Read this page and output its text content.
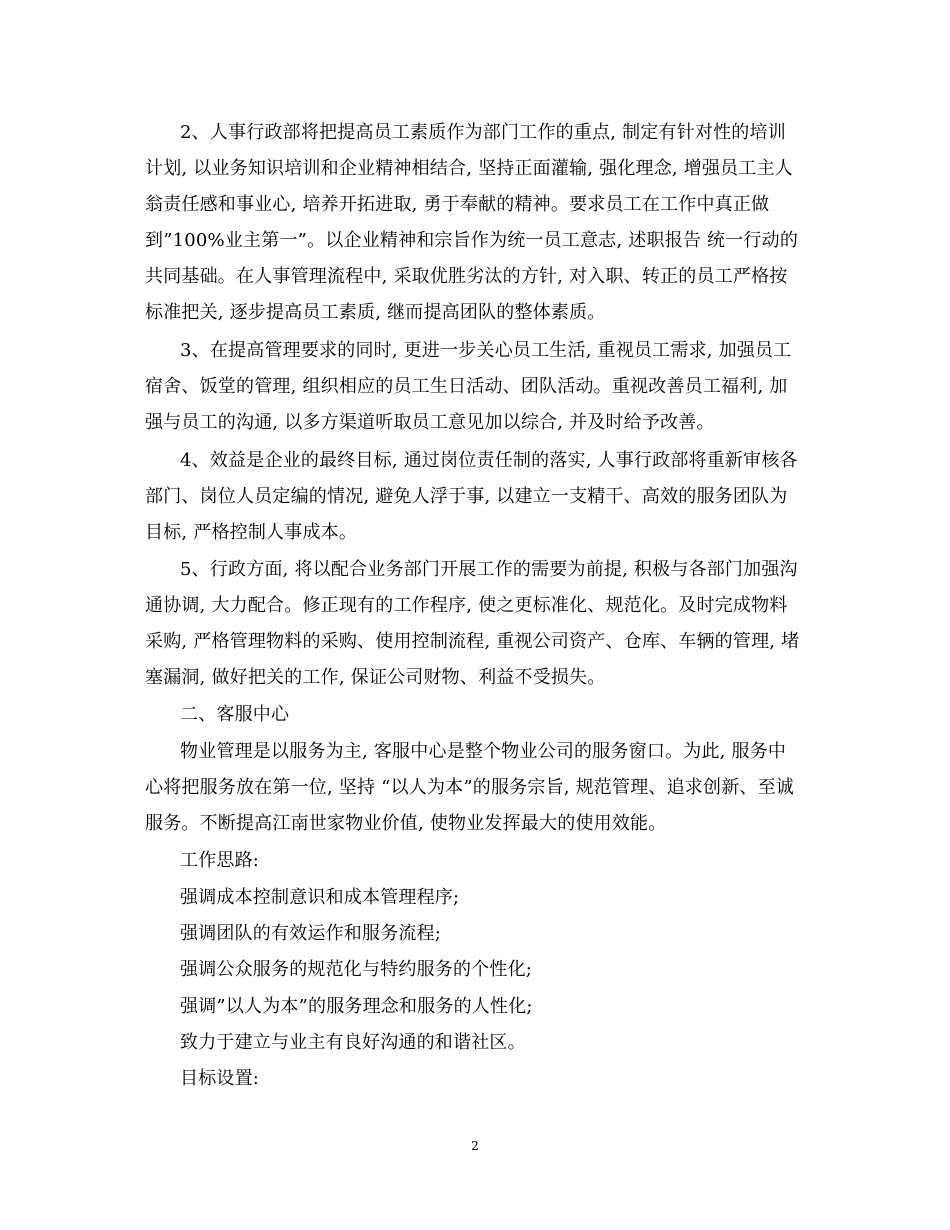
2、人事行政部将把提高员工素质作为部门工作的重点, 制定有针对性的培训
计划, 以业务知识培训和企业精神相结合, 坚持正面灌输, 强化理念, 增强员工主人
翁责任感和事业心, 培养开拓进取, 勇于奉献的精神。要求员工在工作中真正做
到”100%业主第一”。以企业精神和宗旨作为统一员工意志, 述职报告 统一行动的
共同基础。在人事管理流程中, 采取优胜劣汰的方针, 对入职、转正的员工严格按
标准把关, 逐步提高员工素质, 继而提高团队的整体素质。
3、在提高管理要求的同时, 更进一步关心员工生活, 重视员工需求, 加强员工
宿舍、饭堂的管理, 组织相应的员工生日活动、团队活动。重视改善员工福利, 加
强与员工的沟通, 以多方渠道听取员工意见加以综合, 并及时给予改善。
4、效益是企业的最终目标, 通过岗位责任制的落实, 人事行政部将重新审核各
部门、岗位人员定编的情况, 避免人浮于事, 以建立一支精干、高效的服务团队为
目标, 严格控制人事成本。
5、行政方面, 将以配合业务部门开展工作的需要为前提, 积极与各部门加强沟
通协调, 大力配合。修正现有的工作程序, 使之更标准化、规范化。及时完成物料
采购, 严格管理物料的采购、使用控制流程, 重视公司资产、仓库、车辆的管理, 堵
塞漏洞, 做好把关的工作, 保证公司财物、利益不受损失。
二、客服中心
物业管理是以服务为主, 客服中心是整个物业公司的服务窗口。为此, 服务中
心将把服务放在第一位, 坚持 “以人为本”的服务宗旨, 规范管理、追求创新、至诚
服务。不断提高江南世家物业价值, 使物业发挥最大的使用效能。
工作思路:
强调成本控制意识和成本管理程序;
强调团队的有效运作和服务流程;
强调公众服务的规范化与特约服务的个性化;
强调”以人为本”的服务理念和服务的人性化;
致力于建立与业主有良好沟通的和谐社区。
目标设置:
2
